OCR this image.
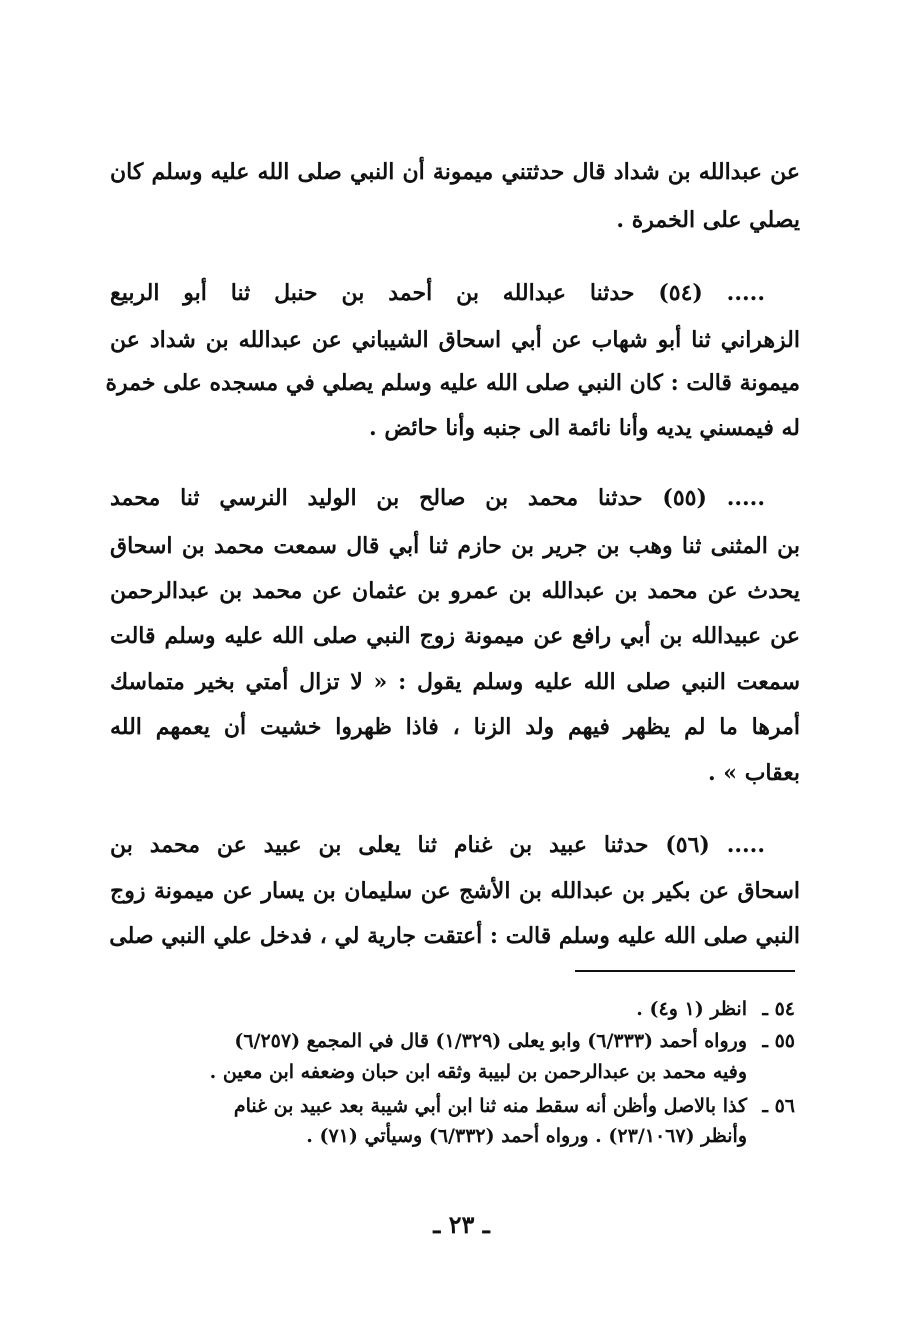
عن عبدالله بن شداد قال حدثتني ميمونة أن النبي صلى الله عليه وسلم كان
يصلي على الخمرة .
..... (٥٤) حدثنا عبدالله بن أحمد بن حنبل ثنا أبو الربيع
الزهراني ثنا أبو شهاب عن أبي اسحاق الشيباني عن عبدالله بن شداد عن
ميمونة قالت : كان النبي صلى الله عليه وسلم يصلي في مسجده على خمرة
له فيمسني يديه وأنا نائمة الى جنبه وأنا حائض .
..... (٥٥) حدثنا محمد بن صالح بن الوليد النرسي ثنا محمد
بن المثنى ثنا وهب بن جرير بن حازم ثنا أبي قال سمعت محمد بن اسحاق
يحدث عن محمد بن عبدالله بن عمرو بن عثمان عن محمد بن عبدالرحمن
عن عبيدالله بن أبي رافع عن ميمونة زوج النبي صلى الله عليه وسلم قالت
سمعت النبي صلى الله عليه وسلم يقول : « لا تزال أمتي بخير متماسك
أمرها ما لم يظهر فيهم ولد الزنا ، فاذا ظهروا خشيت أن يعمهم الله
بعقاب » .
..... (٥٦) حدثنا عبيد بن غنام ثنا يعلى بن عبيد عن محمد بن
اسحاق عن بكير بن عبدالله بن الأشج عن سليمان بن يسار عن ميمونة زوج
النبي صلى الله عليه وسلم قالت : أعتقت جارية لي ، فدخل علي النبي صلى
٥٤ ـانظر (١ و٤) .
٥٥ ـورواه أحمد (٦/٣٣٣) وابو يعلى (١/٣٢٩) قال في المجمع (٦/٢٥٧)
وفيه محمد بن عبدالرحمن بن لبيبة وثقه ابن حبان وضعفه ابن معين .
٥٦ ـكذا بالاصل وأظن أنه سقط منه ثنا ابن أبي شيبة بعد عبيد بن غنام
وأنظر (٢٣/١٠٦٧) . ورواه أحمد (٦/٣٣٢) وسيأتي (٧١) .
ـ ٢٣ ـ
